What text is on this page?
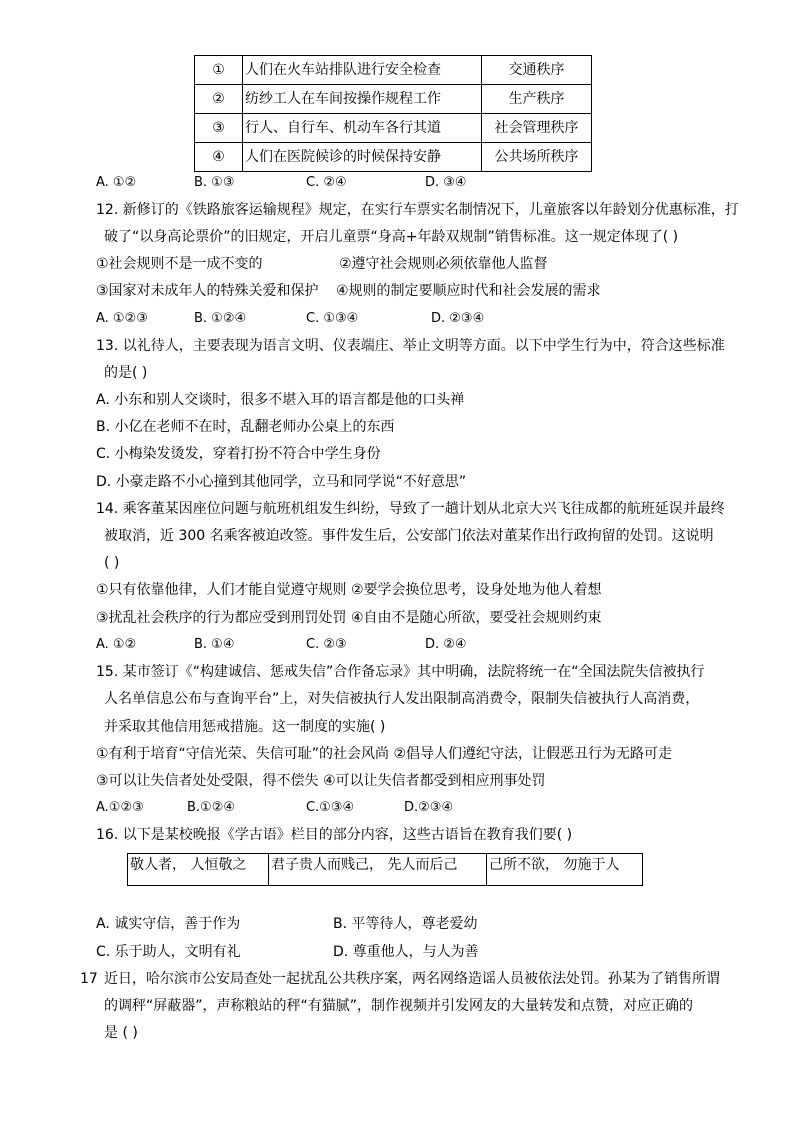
①	人们在火车站排队进行安全检查	交通秩序
②	纺纱工人在车间按操作规程工作	生产秩序
③	行人、自行车、机动车各行其道	社会管理秩序
④	人们在医院候诊的时候保持安静	公共场所秩序
A. ①②	B. ①③	C. ②④	D. ③④
12. 新修订的《铁路旅客运输规程》规定，在实行车票实名制情况下，儿童旅客以年龄划分优惠标准，打
破了“以身高论票价”的旧规定，开启儿童票“身高+年龄双规制”销售标准。这一规定体现了( )
①社会规则不是一成不变的	②遵守社会规则必须依靠他人监督
③国家对未成年人的特殊关爱和保护 ④规则的制定要顺应时代和社会发展的需求
A. ①②③	B. ①②④	C. ①③④	D. ②③④
13. 以礼待人，主要表现为语言文明、仪表端庄、举止文明等方面。以下中学生行为中，符合这些标准
的是( )
A. 小东和别人交谈时，很多不堪入耳的语言都是他的口头禅
B. 小亿在老师不在时，乱翻老师办公桌上的东西
C. 小梅染发烫发，穿着打扮不符合中学生身份
D. 小豪走路不小心撞到其他同学，立马和同学说“不好意思”
14. 乘客董某因座位问题与航班机组发生纠纷，导致了一趟计划从北京大兴飞往成都的航班延误并最终
被取消，近 300 名乘客被迫改签。事件发生后，公安部门依法对董某作出行政拘留的处罚。这说明
( )
①只有依靠他律，人们才能自觉遵守规则 ②要学会换位思考，设身处地为他人着想
③扰乱社会秩序的行为都应受到刑罚处罚 ④自由不是随心所欲，要受社会规则约束
A. ①②	B. ①④	C. ②③	D. ②④
15. 某市签订《“构建诚信、惩戒失信”合作备忘录》其中明确，法院将统一在“全国法院失信被执行
人名单信息公布与查询平台”上，对失信被执行人发出限制高消费令，限制失信被执行人高消费，
并采取其他信用惩戒措施。这一制度的实施( )
①有利于培育“守信光荣、失信可耻”的社会风尚 ②倡导人们遵纪守法，让假恶丑行为无路可走
③可以让失信者处处受限，得不偿失 ④可以让失信者都受到相应刑事处罚
A.①②③	B.①②④	C.①③④	D.②③④
16. 以下是某校晚报《学古语》栏目的部分内容，这些古语旨在教育我们要( )
敬人者， 人恒敬之	君子贵人而贱己， 先人而后己	己所不欲， 勿施于人
A. 诚实守信，善于作为	B. 平等待人，尊老爱幼
C. 乐于助人，文明有礼	D. 尊重他人，与人为善
17 近日，哈尔滨市公安局查处一起扰乱公共秩序案，两名网络造谣人员被依法处罚。孙某为了销售所谓
的调秤“屏蔽器”，声称粮站的秤“有猫腻”，制作视频并引发网友的大量转发和点赞，对应正确的
是 ( )
